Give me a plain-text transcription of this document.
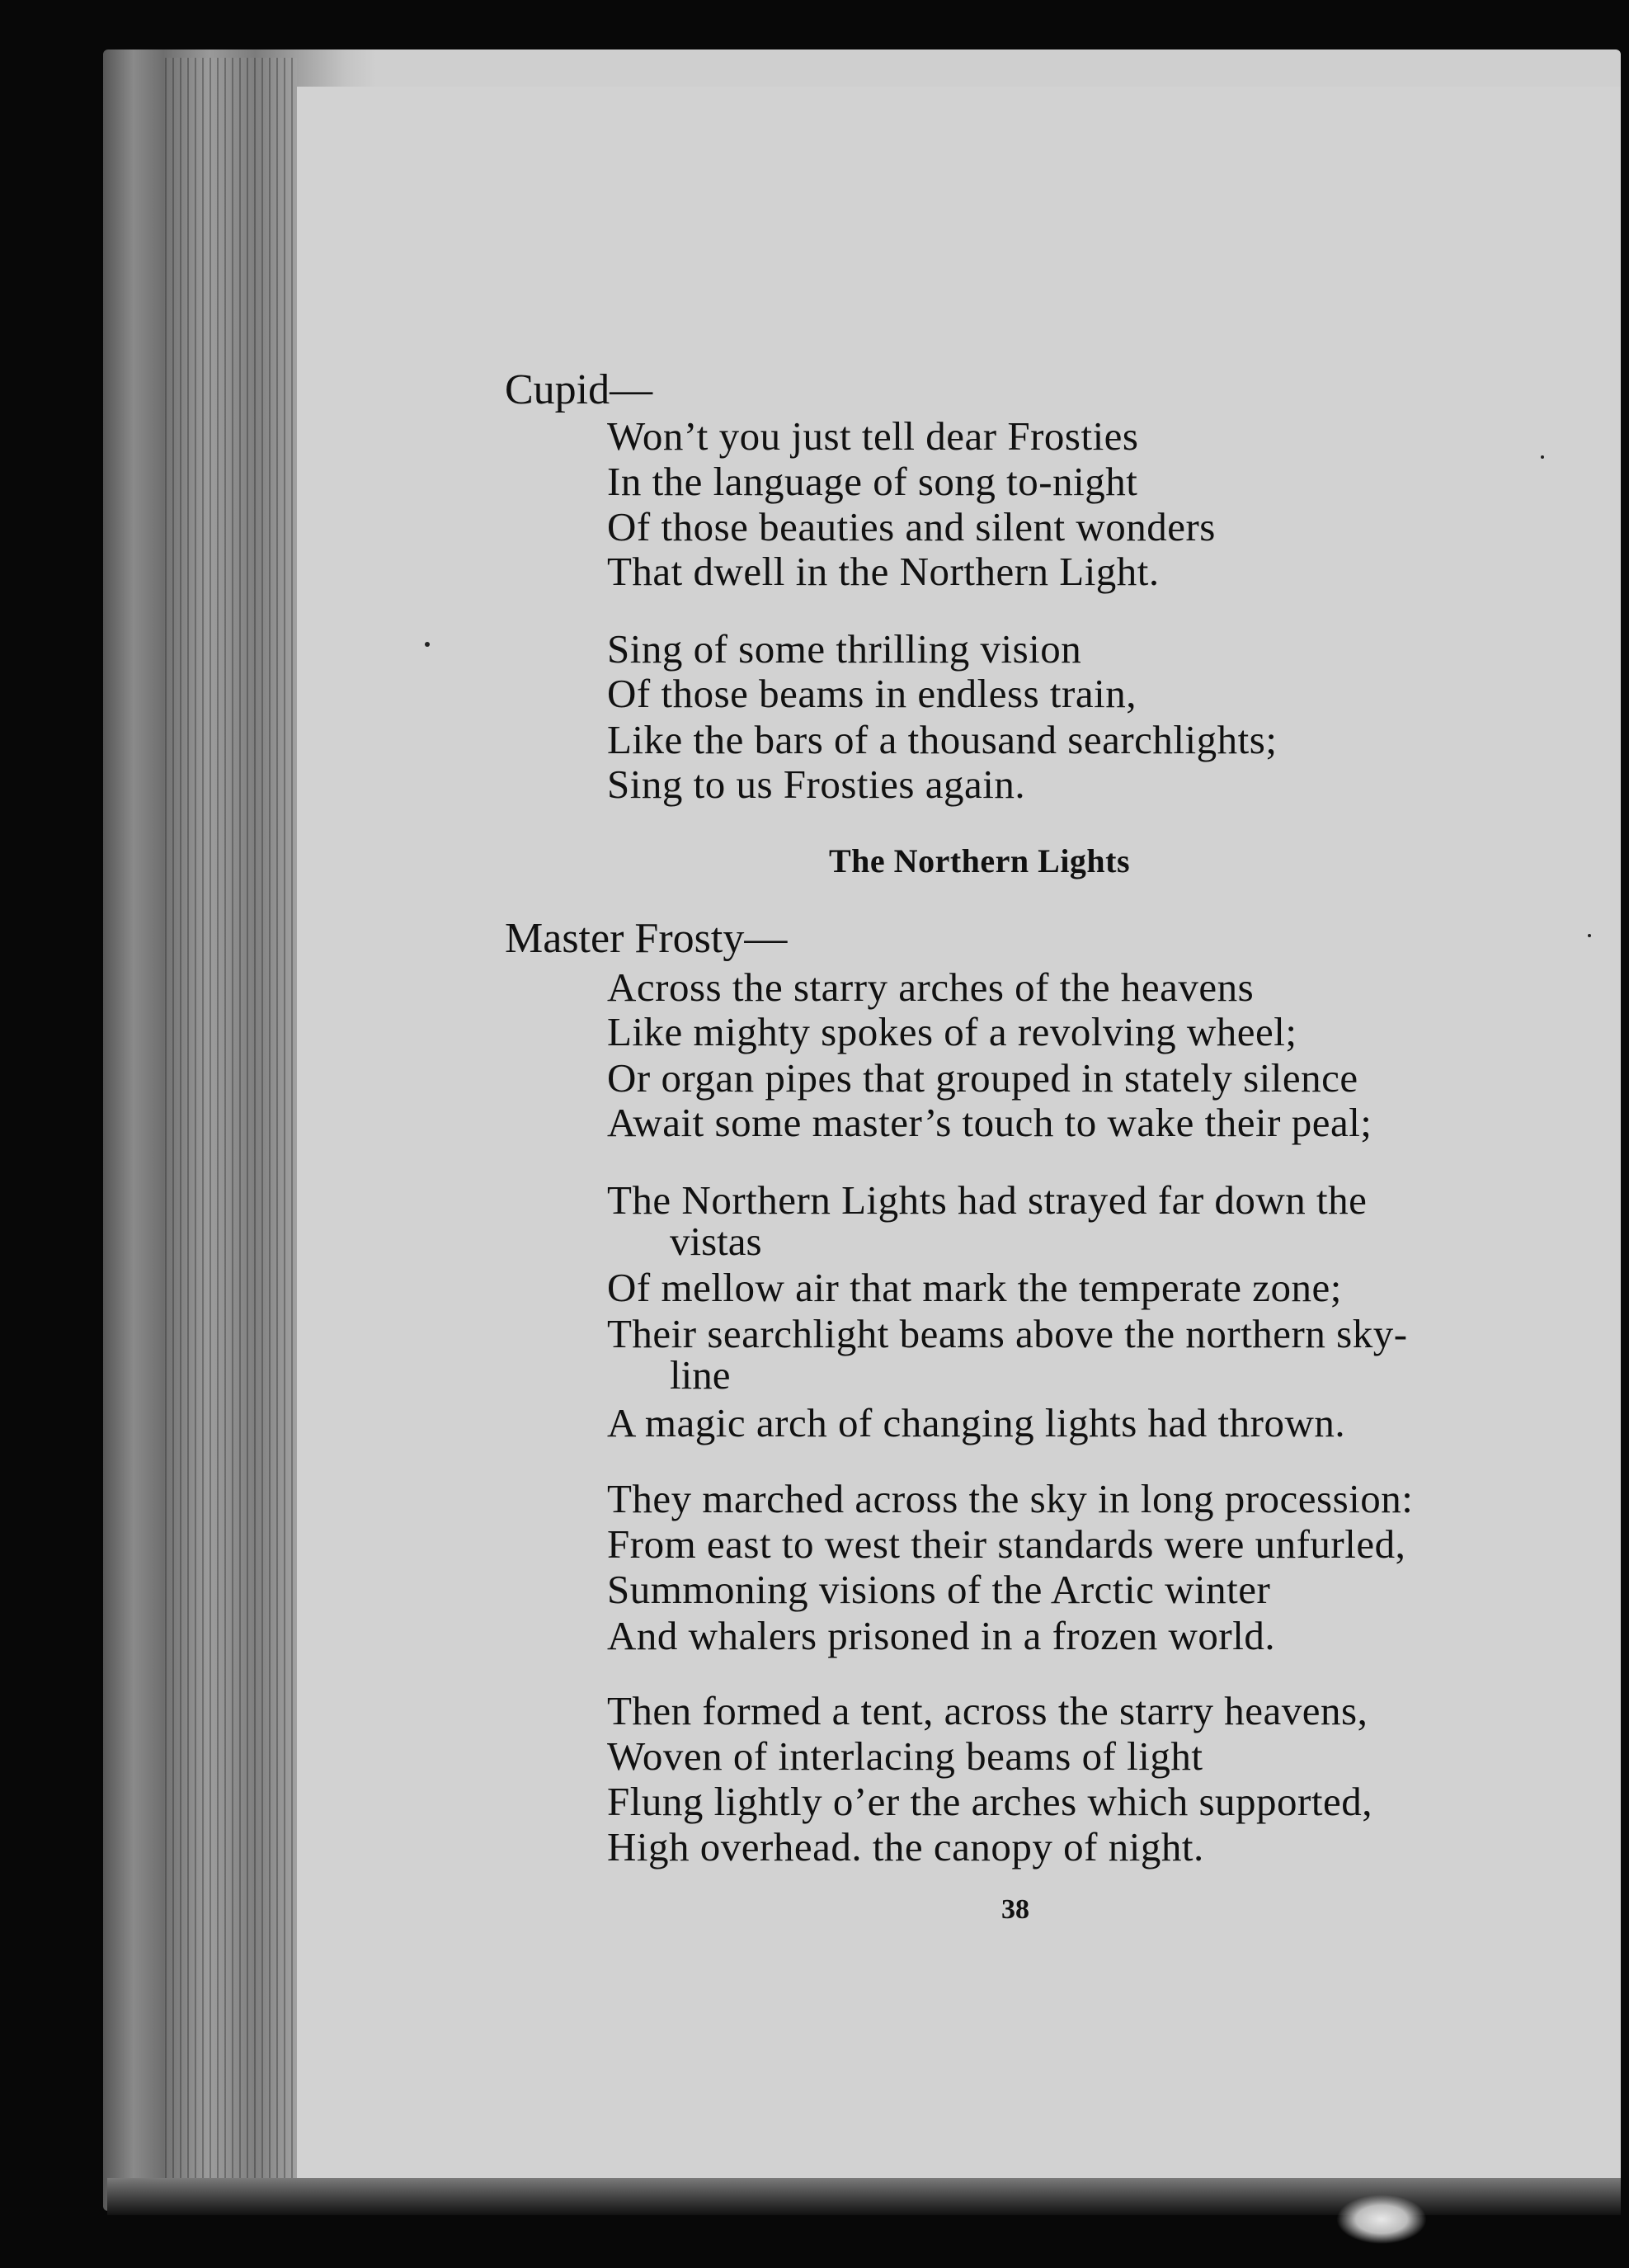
Cupid—
Won’t you just tell dear Frosties
In the language of song to-night
Of those beauties and silent wonders
That dwell in the Northern Light.
Sing of some thrilling vision
Of those beams in endless train,
Like the bars of a thousand searchlights;
Sing to us Frosties again.
The Northern Lights
Master Frosty—
Across the starry arches of the heavens
Like mighty spokes of a revolving wheel;
Or organ pipes that grouped in stately silence
Await some master’s touch to wake their peal;
The Northern Lights had strayed far down the
vistas
Of mellow air that mark the temperate zone;
Their searchlight beams above the northern sky-
line
A magic arch of changing lights had thrown.
They marched across the sky in long procession:
From east to west their standards were unfurled,
Summoning visions of the Arctic winter
And whalers prisoned in a frozen world.
Then formed a tent, across the starry heavens,
Woven of interlacing beams of light
Flung lightly o’er the arches which supported,
High overhead. the canopy of night.
38
